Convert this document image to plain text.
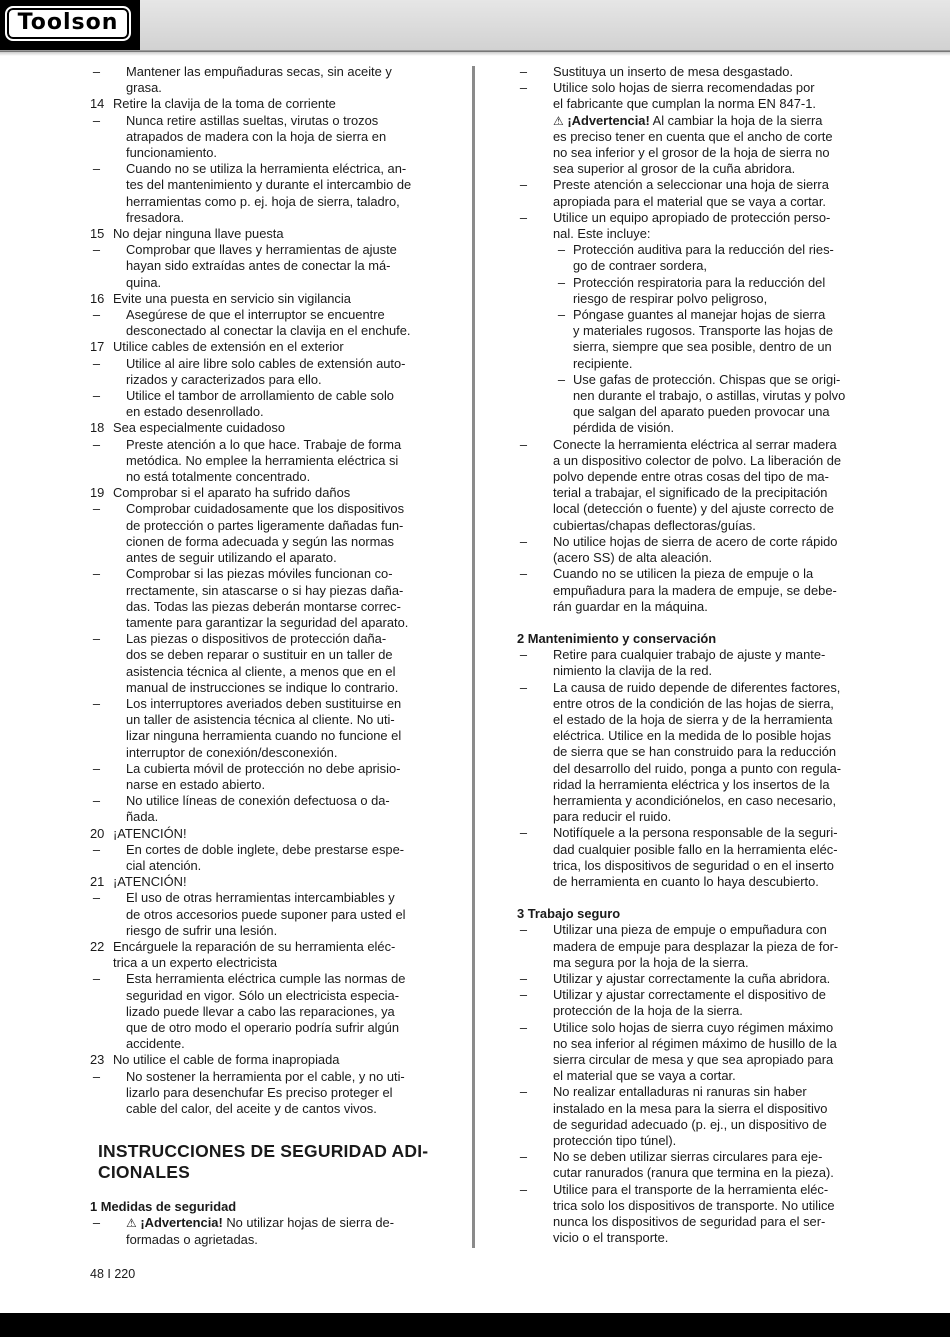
Toolson
–	Mantener las empuñaduras secas, sin aceite y
grasa.
14 Retire la clavija de la toma de corriente
–	Nunca retire astillas sueltas, virutas o trozos
atrapados de madera con la hoja de sierra en
funcionamiento.
–	Cuando no se utiliza la herramienta eléctrica, an-
tes del mantenimiento y durante el intercambio de
herramientas como p. ej. hoja de sierra, taladro,
fresadora.
15 No dejar ninguna llave puesta
–	Comprobar que llaves y herramientas de ajuste
hayan sido extraídas antes de conectar la má-
quina.
16 Evite una puesta en servicio sin vigilancia
–	Asegúrese de que el interruptor se encuentre
desconectado al conectar la clavija en el enchufe.
17 Utilice cables de extensión en el exterior
–	Utilice al aire libre solo cables de extensión auto-
rizados y caracterizados para ello.
–	Utilice el tambor de arrollamiento de cable solo
en estado desenrollado.
18 Sea especialmente cuidadoso
–	Preste atención a lo que hace. Trabaje de forma
metódica. No emplee la herramienta eléctrica si
no está totalmente concentrado.
19 Comprobar si el aparato ha sufrido daños
–	Comprobar cuidadosamente que los dispositivos
de protección o partes ligeramente dañadas fun-
cionen de forma adecuada y según las normas
antes de seguir utilizando el aparato.
–	Comprobar si las piezas móviles funcionan co-
rrectamente, sin atascarse o si hay piezas daña-
das. Todas las piezas deberán montarse correc-
tamente para garantizar la seguridad del aparato.
–	Las piezas o dispositivos de protección daña-
dos se deben reparar o sustituir en un taller de
asistencia técnica al cliente, a menos que en el
manual de instrucciones se indique lo contrario.
–	Los interruptores averiados deben sustituirse en
un taller de asistencia técnica al cliente. No uti-
lizar ninguna herramienta cuando no funcione el
interruptor de conexión/desconexión.
–	La cubierta móvil de protección no debe aprisio-
narse en estado abierto.
–	No utilice líneas de conexión defectuosa o da-
ñada.
20 ¡ATENCIÓN!
–	En cortes de doble inglete, debe prestarse espe-
cial atención.
21 ¡ATENCIÓN!
–	El uso de otras herramientas intercambiables y
de otros accesorios puede suponer para usted el
riesgo de sufrir una lesión.
22 Encárguele la reparación de su herramienta eléc-
trica a un experto electricista
–	Esta herramienta eléctrica cumple las normas de
seguridad en vigor. Sólo un electricista especia-
lizado puede llevar a cabo las reparaciones, ya
que de otro modo el operario podría sufrir algún
accidente.
23 No utilice el cable de forma inapropiada
–	No sostener la herramienta por el cable, y no uti-
lizarlo para desenchufar Es preciso proteger el
cable del calor, del aceite y de cantos vivos.
INSTRUCCIONES DE SEGURIDAD ADI-
CIONALES
1 Medidas de seguridad
–	⚠ ¡Advertencia! No utilizar hojas de sierra de-
formadas o agrietadas.
–	Sustituya un inserto de mesa desgastado.
–	Utilice solo hojas de sierra recomendadas por
el fabricante que cumplan la norma EN 847-1.
⚠ ¡Advertencia! Al cambiar la hoja de la sierra
es preciso tener en cuenta que el ancho de corte
no sea inferior y el grosor de la hoja de sierra no
sea superior al grosor de la cuña abridora.
–	Preste atención a seleccionar una hoja de sierra
apropiada para el material que se vaya a cortar.
–	Utilice un equipo apropiado de protección perso-
nal. Este incluye:
– Protección auditiva para la reducción del ries-
go de contraer sordera,
– Protección respiratoria para la reducción del
riesgo de respirar polvo peligroso,
– Póngase guantes al manejar hojas de sierra
y materiales rugosos. Transporte las hojas de
sierra, siempre que sea posible, dentro de un
recipiente.
– Use gafas de protección. Chispas que se origi-
nen durante el trabajo, o astillas, virutas y polvo
que salgan del aparato pueden provocar una
pérdida de visión.
–	Conecte la herramienta eléctrica al serrar madera
a un dispositivo colector de polvo. La liberación de
polvo depende entre otras cosas del tipo de ma-
terial a trabajar, el significado de la precipitación
local (detección o fuente) y del ajuste correcto de
cubiertas/chapas deflectoras/guías.
–	No utilice hojas de sierra de acero de corte rápido
(acero SS) de alta aleación.
–	Cuando no se utilicen la pieza de empuje o la
empuñadura para la madera de empuje, se debe-
rán guardar en la máquina.
2 Mantenimiento y conservación
–	Retire para cualquier trabajo de ajuste y mante-
nimiento la clavija de la red.
–	La causa de ruido depende de diferentes factores,
entre otros de la condición de las hojas de sierra,
el estado de la hoja de sierra y de la herramienta
eléctrica. Utilice en la medida de lo posible hojas
de sierra que se han construido para la reducción
del desarrollo del ruido, ponga a punto con regula-
ridad la herramienta eléctrica y los insertos de la
herramienta y acondiciónelos, en caso necesario,
para reducir el ruido.
–	Notifíquele a la persona responsable de la seguri-
dad cualquier posible fallo en la herramienta eléc-
trica, los dispositivos de seguridad o en el inserto
de herramienta en cuanto lo haya descubierto.
3 Trabajo seguro
–	Utilizar una pieza de empuje o empuñadura con
madera de empuje para desplazar la pieza de for-
ma segura por la hoja de la sierra.
–	Utilizar y ajustar correctamente la cuña abridora.
–	Utilizar y ajustar correctamente el dispositivo de
protección de la hoja de la sierra.
–	Utilice solo hojas de sierra cuyo régimen máximo
no sea inferior al régimen máximo de husillo de la
sierra circular de mesa y que sea apropiado para
el material que se vaya a cortar.
–	No realizar entalladuras ni ranuras sin haber
instalado en la mesa para la sierra el dispositivo
de seguridad adecuado (p. ej., un dispositivo de
protección tipo túnel).
–	No se deben utilizar sierras circulares para eje-
cutar ranurados (ranura que termina en la pieza).
–	Utilice para el transporte de la herramienta eléc-
trica solo los dispositivos de transporte. No utilice
nunca los dispositivos de seguridad para el ser-
vicio o el transporte.
48 I 220
